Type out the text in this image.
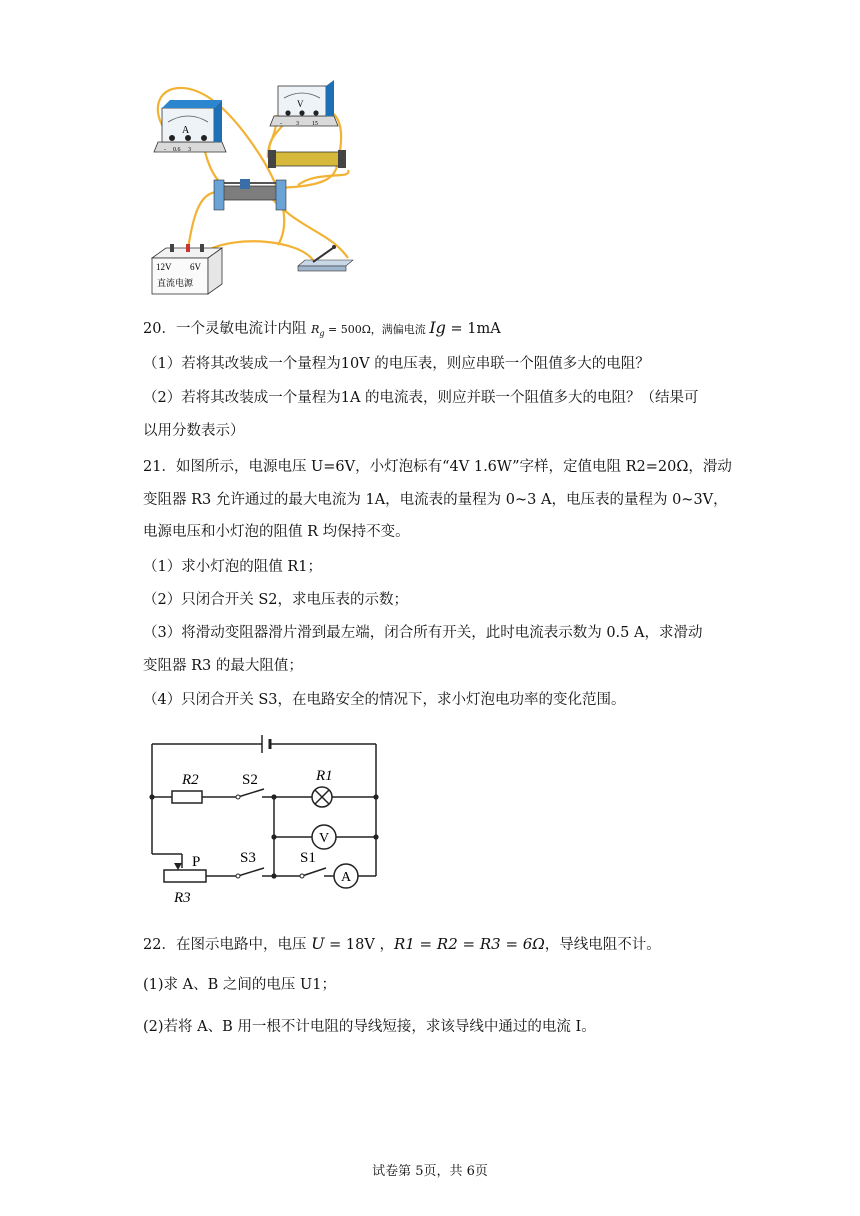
A
- 0.6 3
V
- 3 15
12V 6V
直流电源
20．一个灵敏电流计内阻 $R_g = 500\Omega$，满偏电流 Ig = 1mA
（1）若将其改装成一个量程为10V 的电压表，则应串联一个阻值多大的电阻？
（2）若将其改装成一个量程为1A 的电流表，则应并联一个阻值多大的电阻？（结果可
以用分数表示）
21．如图所示，电源电压 U=6V，小灯泡标有“4V 1.6W”字样，定值电阻 R2=20Ω，滑动
变阻器 R3 允许通过的最大电流为 1A，电流表的量程为 0~3 A，电压表的量程为 0~3V，
电源电压和小灯泡的阻值 R 均保持不变。
（1）求小灯泡的阻值 R1；
（2）只闭合开关 S2，求电压表的示数；
（3）将滑动变阻器滑片滑到最左端，闭合所有开关，此时电流表示数为 0.5 A，求滑动
变阻器 R3 的最大阻值；
（4）只闭合开关 S3，在电路安全的情况下，求小灯泡电功率的变化范围。
V
A
R2	S2	R1
P	S3	S1
R3
22．在图示电路中，电压 U = 18V ，R1 = R2 = R3 = 6Ω，导线电阻不计。
(1)求 A、B 之间的电压 U1；
(2)若将 A、B 用一根不计电阻的导线短接，求该导线中通过的电流 I。
试卷第 5页，共 6页
